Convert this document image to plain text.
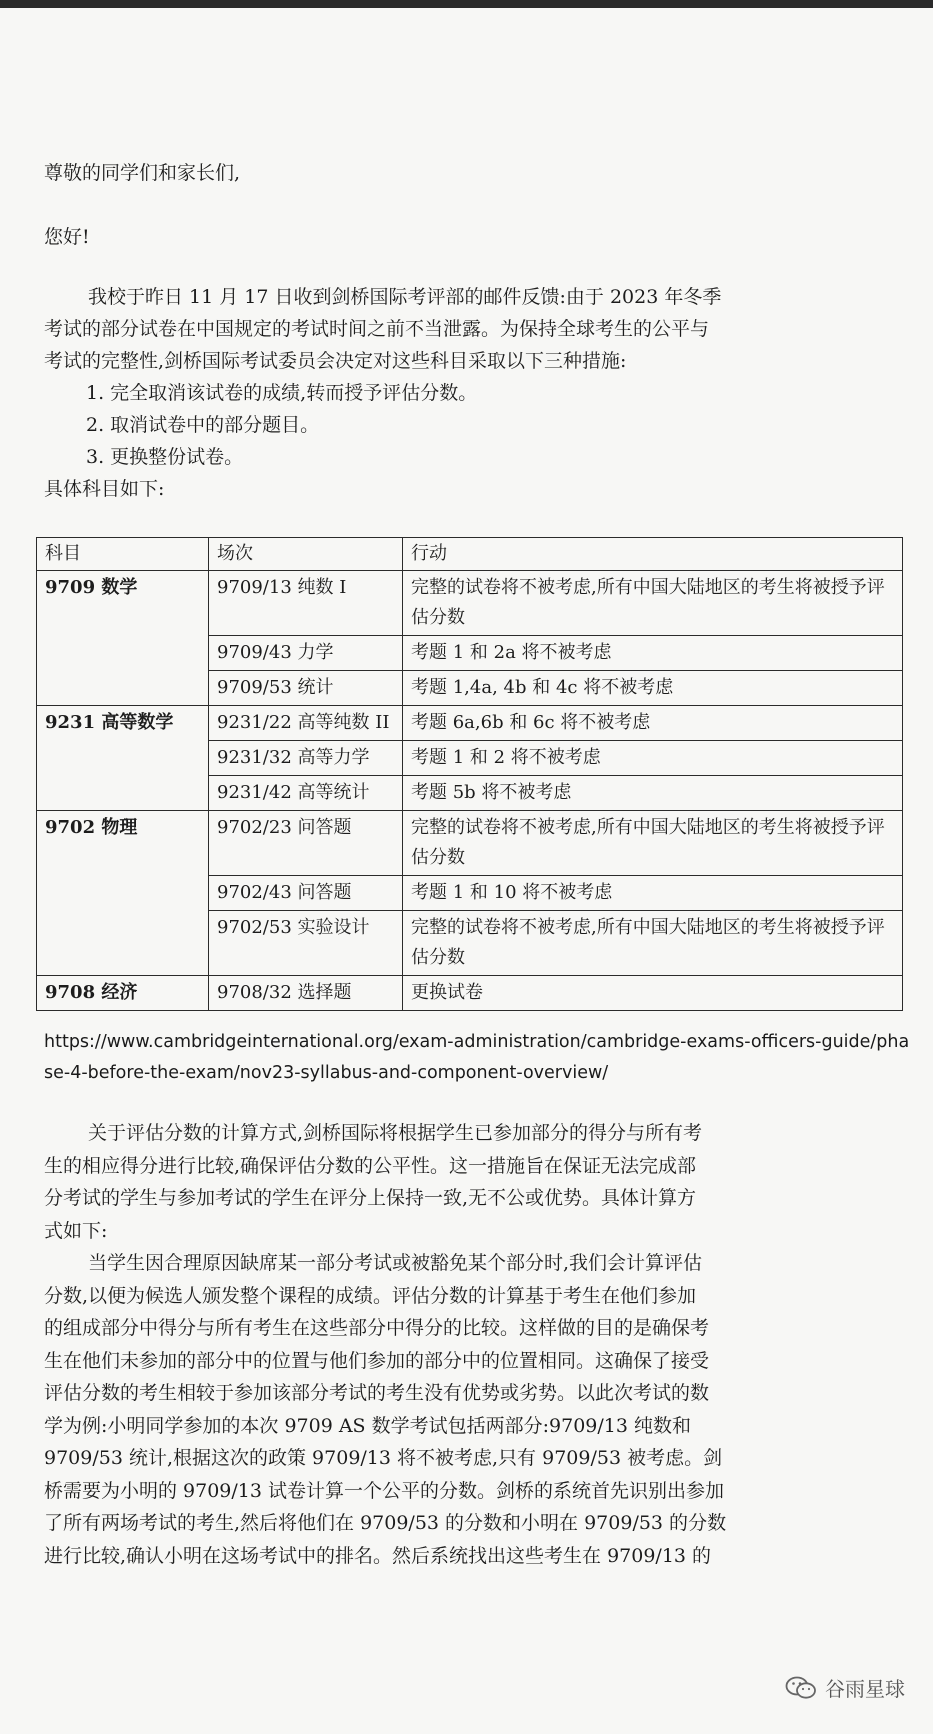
尊敬的同学们和家长们,
您好!
我校于昨日 11 月 17 日收到剑桥国际考评部的邮件反馈:由于 2023 年冬季
考试的部分试卷在中国规定的考试时间之前不当泄露。为保持全球考生的公平与
考试的完整性,剑桥国际考试委员会决定对这些科目采取以下三种措施:
1. 完全取消该试卷的成绩,转而授予评估分数。
2. 取消试卷中的部分题目。
3. 更换整份试卷。
具体科目如下:
科目	场次	行动
9709 数学	9709/13 纯数 I	完整的试卷将不被考虑,所有中国大陆地区的考生将被授予评估分数
	9709/43 力学	考题 1 和 2a 将不被考虑
	9709/53 统计	考题 1,4a, 4b 和 4c 将不被考虑
9231 高等数学	9231/22 高等纯数 II	考题 6a,6b 和 6c 将不被考虑
	9231/32 高等力学	考题 1 和 2 将不被考虑
	9231/42 高等统计	考题 5b 将不被考虑
9702 物理	9702/23 问答题	完整的试卷将不被考虑,所有中国大陆地区的考生将被授予评估分数
	9702/43 问答题	考题 1 和 10 将不被考虑
	9702/53 实验设计	完整的试卷将不被考虑,所有中国大陆地区的考生将被授予评估分数
9708 经济	9708/32 选择题	更换试卷
https://www.cambridgeinternational.org/exam-administration/cambridge-exams-officers-guide/phase-4-before-the-exam/nov23-syllabus-and-component-overview/
关于评估分数的计算方式,剑桥国际将根据学生已参加部分的得分与所有考
生的相应得分进行比较,确保评估分数的公平性。这一措施旨在保证无法完成部
分考试的学生与参加考试的学生在评分上保持一致,无不公或优势。具体计算方
式如下:
当学生因合理原因缺席某一部分考试或被豁免某个部分时,我们会计算评估
分数,以便为候选人颁发整个课程的成绩。评估分数的计算基于考生在他们参加
的组成部分中得分与所有考生在这些部分中得分的比较。这样做的目的是确保考
生在他们未参加的部分中的位置与他们参加的部分中的位置相同。这确保了接受
评估分数的考生相较于参加该部分考试的考生没有优势或劣势。以此次考试的数
学为例:小明同学参加的本次 9709 AS 数学考试包括两部分:9709/13 纯数和
9709/53 统计,根据这次的政策 9709/13 将不被考虑,只有 9709/53 被考虑。剑
桥需要为小明的 9709/13 试卷计算一个公平的分数。剑桥的系统首先识别出参加
了所有两场考试的考生,然后将他们在 9709/53 的分数和小明在 9709/53 的分数
进行比较,确认小明在这场考试中的排名。然后系统找出这些考生在 9709/13 的
谷雨星球
